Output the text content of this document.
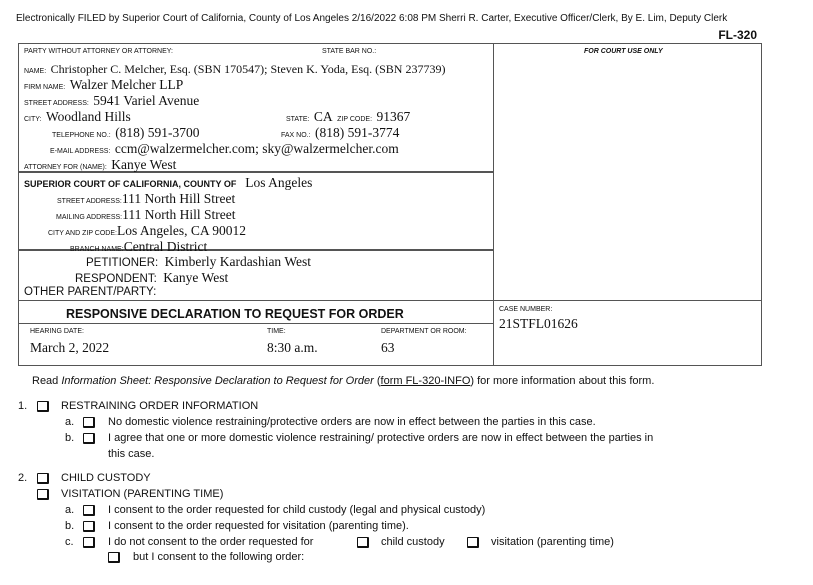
Electronically FILED by Superior Court of California, County of Los Angeles 2/16/2022 6:08 PM Sherri R. Carter, Executive Officer/Clerk, By E. Lim, Deputy Clerk
FL-320
PARTY WITHOUT ATTORNEY OR ATTORNEY:	STATE BAR NO.:	FOR COURT USE ONLY
NAME: Christopher C. Melcher, Esq. (SBN 170547); Steven K. Yoda, Esq. (SBN 237739)
FIRM NAME: Walzer Melcher LLP
STREET ADDRESS: 5941 Variel Avenue
CITY: Woodland Hills	STATE: CA ZIP CODE: 91367
TELEPHONE NO.: (818) 591-3700	FAX NO.: (818) 591-3774
E-MAIL ADDRESS: ccm@walzermelcher.com; sky@walzermelcher.com
ATTORNEY FOR (NAME): Kanye West
SUPERIOR COURT OF CALIFORNIA, COUNTY OF Los Angeles
STREET ADDRESS:111 North Hill Street
MAILING ADDRESS:111 North Hill Street
CITY AND ZIP CODE:Los Angeles, CA 90012
BRANCH NAME:Central District
PETITIONER: Kimberly Kardashian West
RESPONDENT: Kanye West
OTHER PARENT/PARTY:
RESPONSIVE DECLARATION TO REQUEST FOR ORDER	CASE NUMBER:
21STFL01626
HEARING DATE:
March 2, 2022
TIME:
8:30 a.m.
DEPARTMENT OR ROOM:
63
Read Information Sheet: Responsive Declaration to Request for Order (form FL-320-INFO) for more information about this form.
1.	RESTRAINING ORDER INFORMATION
a.	No domestic violence restraining/protective orders are now in effect between the parties in this case.
b.	I agree that one or more domestic violence restraining/ protective orders are now in effect between the parties in
this case.
2.	CHILD CUSTODY
VISITATION (PARENTING TIME)
a.	I consent to the order requested for child custody (legal and physical custody)
b.	I consent to the order requested for visitation (parenting time).
c.	I do not consent to the order requested for	child custody	visitation (parenting time)
but I consent to the following order:
